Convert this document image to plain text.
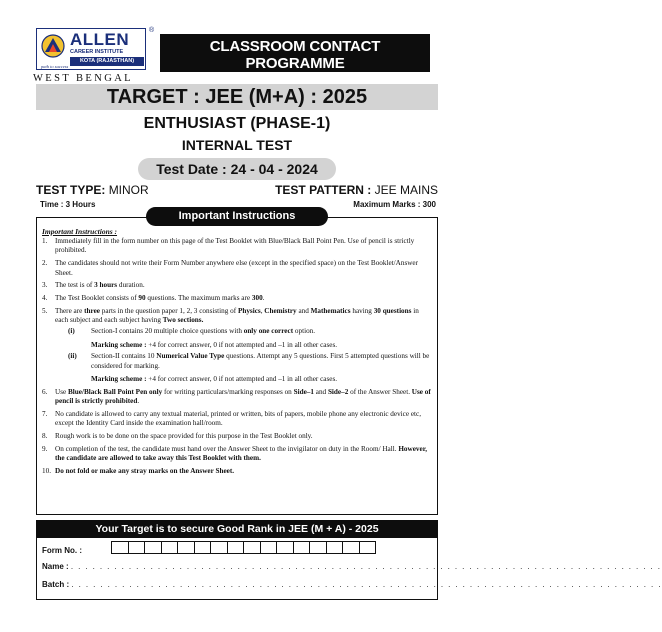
ALLEN
CAREER INSTITUTE
KOTA (RAJASTHAN)
path to success
®
WEST BENGAL
CLASSROOM CONTACT PROGRAMME
(Academic Session : 2024 - 2025)
TARGET : JEE (M+A) : 2025
ENTHUSIAST (PHASE-1)
INTERNAL TEST
Test Date : 24 - 04 - 2024
TEST TYPE: MINOR	TEST PATTERN : JEE MAINS
Time : 3 Hours	Maximum Marks : 300
Important Instructions
Important Instructions :
1. Immediately fill in the form number on this page of the Test Booklet with Blue/Black Ball Point Pen. Use of pencil is strictly prohibited.
2. The candidates should not write their Form Number anywhere else (except in the specified space) on the Test Booklet/Answer Sheet.
3. The test is of 3 hours duration.
4. The Test Booklet consists of 90 questions. The maximum marks are 300.
5. There are three parts in the question paper 1, 2, 3 consisting of Physics, Chemistry and Mathematics having 30 questions in each subject and each subject having Two sections.
(i) Section-I contains 20 multiple choice questions with only one correct option.
Marking scheme : +4 for correct answer, 0 if not attempted and –1 in all other cases.
(ii) Section-II contains 10 Numerical Value Type questions. Attempt any 5 questions. First 5 attempted questions will be considered for marking.
Marking scheme : +4 for correct answer, 0 if not attempted and –1 in all other cases.
6. Use Blue/Black Ball Point Pen only for writing particulars/marking responses on Side–1 and Side–2 of the Answer Sheet. Use of pencil is strictly prohibited.
7. No candidate is allowed to carry any textual material, printed or written, bits of papers, mobile phone any electronic device etc, except the Identity Card inside the examination hall/room.
8. Rough work is to be done on the space provided for this purpose in the Test Booklet only.
9. On completion of the test, the candidate must hand over the Answer Sheet to the invigilator on duty in the Room/ Hall. However, the candidate are allowed to take away this Test Booklet with them.
10. Do not fold or make any stray marks on the Answer Sheet.
Your Target is to secure Good Rank in JEE (M + A) - 2025
Form No. :
Name : . . . . . . . . . . . . . . . . . . . . . . . . . . . . . . . . . . . . . . . . . . . . . . . . . . . . . . . . . . . . . . . . . . . . . . . . . . . . . . . . . .
Batch : . . . . . . . . . . . . . . . . . . . . . . . . . . . . . . . . . . . . . . . . . . . . . . . . . . . . . . . . . . . . . . . . . . . . . . . . . . . . . . . . . .
